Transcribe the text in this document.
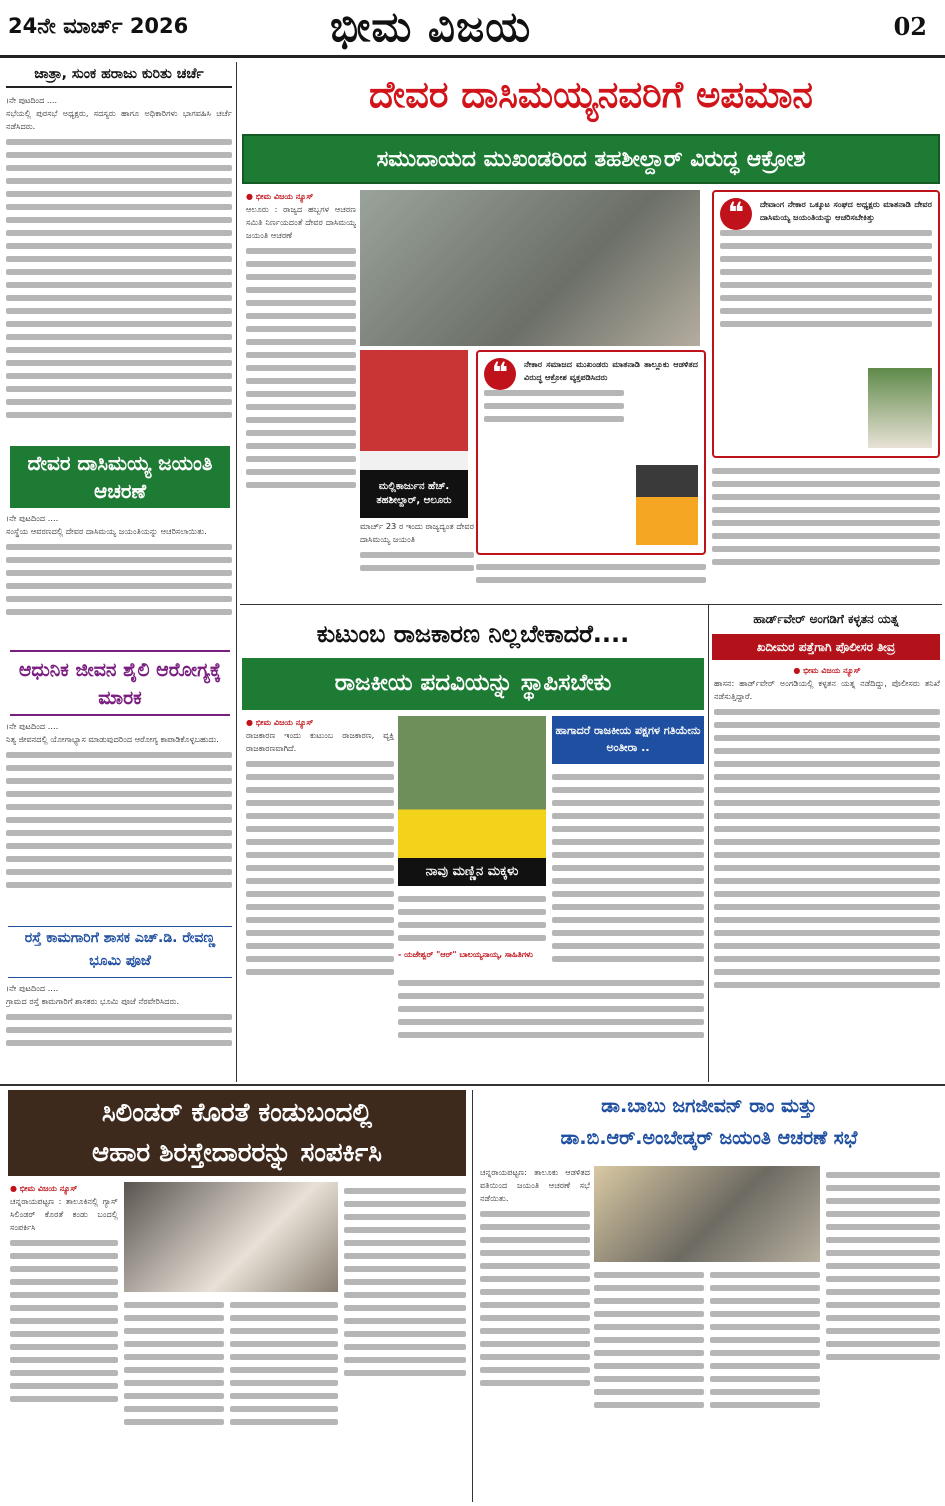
24ನೇ ಮಾರ್ಚ್ 2026	ಭೀಮ ವಿಜಯ	02
ಜಾತ್ರಾ, ಸುಂಕ ಹರಾಜು ಕುರಿತು ಚರ್ಚೆ
।ನೇ ಪುಟದಿಂದ ....
ಸಭೆಯಲ್ಲಿ ಪುರಸಭೆ ಅಧ್ಯಕ್ಷರು, ಸದಸ್ಯರು ಹಾಗೂ ಅಧಿಕಾರಿಗಳು ಭಾಗವಹಿಸಿ ಚರ್ಚೆ ನಡೆಸಿದರು.
ದೇವರ ದಾಸಿಮಯ್ಯ ಜಯಂತಿ ಆಚರಣೆ
।ನೇ ಪುಟದಿಂದ ....
ಸಂಸ್ಥೆಯ ಆವರಣದಲ್ಲಿ ದೇವರ ದಾಸಿಮಯ್ಯ ಜಯಂತಿಯನ್ನು ಆಚರಿಸಲಾಯಿತು.
ಆಧುನಿಕ ಜೀವನ ಶೈಲಿ ಆರೋಗ್ಯಕ್ಕೆ ಮಾರಕ
।ನೇ ಪುಟದಿಂದ ....
ನಿತ್ಯ ಜೀವನದಲ್ಲಿ ಯೋಗಾಭ್ಯಾಸ ಮಾಡುವುದರಿಂದ ಆರೋಗ್ಯ ಕಾಪಾಡಿಕೊಳ್ಳಬಹುದು.
ರಸ್ತೆ ಕಾಮಗಾರಿಗೆ ಶಾಸಕ ಎಚ್.ಡಿ. ರೇವಣ್ಣ ಭೂಮಿ ಪೂಜೆ
।ನೇ ಪುಟದಿಂದ ....
ಗ್ರಾಮದ ರಸ್ತೆ ಕಾಮಗಾರಿಗೆ ಶಾಸಕರು ಭೂಮಿ ಪೂಜೆ ನೆರವೇರಿಸಿದರು.
ದೇವರ ದಾಸಿಮಯ್ಯನವರಿಗೆ ಅಪಮಾನ
ಸಮುದಾಯದ ಮುಖಂಡರಿಂದ ತಹಶೀಲ್ದಾರ್ ವಿರುದ್ಧ ಆಕ್ರೋಶ
● ಭೀಮ ವಿಜಯ ನ್ಯೂಸ್
ಆಲೂರು : ರಾಜ್ಯದ ಹಬ್ಬಗಳ ಆಚರಣ ಸಮಿತಿ ನಿರ್ಣಯದಂತೆ ದೇವರ ದಾಸಿಮಯ್ಯ ಜಯಂತಿ ಆಚರಣೆ
ಮಲ್ಲಿಕಾರ್ಜುನ ಹೆಚ್. ತಹಶೀಲ್ದಾರ್, ಆಲೂರು
ಮಾರ್ಚ್ 23 ರ ಇಂದು ರಾಜ್ಯದ್ಯಂತ ದೇವರ ದಾಸಿಮಯ್ಯ ಜಯಂತಿ
❝	ನೇಕಾರ ಸಮಾಜದ ಮುಖಂಡರು ಮಾತನಾಡಿ ತಾಲ್ಲೂಕು ಆಡಳಿತದ ವಿರುದ್ಧ ಆಕ್ರೋಶ ವ್ಯಕ್ತಪಡಿಸಿದರು
❝	ದೇವಾಂಗ ನೇಕಾರ ಒಕ್ಕೂಟ ಸಂಘದ ಅಧ್ಯಕ್ಷರು ಮಾತನಾಡಿ ದೇವರ ದಾಸಿಮಯ್ಯ ಜಯಂತಿಯನ್ನು ಆಚರಿಸಬೇಕಿತ್ತು
ಕುಟುಂಬ ರಾಜಕಾರಣ ನಿಲ್ಲಬೇಕಾದರೆ....
ರಾಜಕೀಯ ಪದವಿಯನ್ನು ಸ್ಥಾಪಿಸಬೇಕು
● ಭೀಮ ವಿಜಯ ನ್ಯೂಸ್
ರಾಜಕಾರಣ ಇಂದು ಕುಟುಂಬ ರಾಜಕಾರಣ, ವ್ಯಕ್ತಿ ರಾಜಕಾರಣವಾಗಿದೆ.
ನಾವು ಮಣ್ಣಿನ ಮಕ್ಕಳು
- ಯಜೇಶ್ವರ್ "ಆರ್" ಬಾಲಯ್ಯನಾಯ್ಕ, ಸಾಹಿತಿಗಳು
ಹಾಗಾದರೆ ರಾಜಕೀಯ ಪಕ್ಷಗಳ ಗತಿಯೇನು ಅಂತೀರಾ ..
ಹಾರ್ಡ್‌ವೇರ್ ಅಂಗಡಿಗೆ ಕಳ್ಳತನ ಯತ್ನ
ಖದೀಮರ ಪತ್ತೆಗಾಗಿ ಪೊಲೀಸರ ತೀವ್ರ
● ಭೀಮ ವಿಜಯ ನ್ಯೂಸ್
ಹಾಸನ: ಹಾರ್ಡ್‌ವೇರ್ ಅಂಗಡಿಯಲ್ಲಿ ಕಳ್ಳತನ ಯತ್ನ ನಡೆದಿದ್ದು, ಪೊಲೀಸರು ತನಿಖೆ ನಡೆಸುತ್ತಿದ್ದಾರೆ.
ಸಿಲಿಂಡರ್ ಕೊರತೆ ಕಂಡುಬಂದಲ್ಲಿ
ಆಹಾರ ಶಿರಸ್ತೇದಾರರನ್ನು ಸಂಪರ್ಕಿಸಿ
● ಭೀಮ ವಿಜಯ ನ್ಯೂಸ್
ಚನ್ನರಾಯಪಟ್ಟಣ : ತಾಲೂಕಿನಲ್ಲಿ ಗ್ಯಾಸ್ ಸಿಲಿಂಡರ್ ಕೊರತೆ ಕಂಡು ಬಂದಲ್ಲಿ ಸಂಪರ್ಕಿಸಿ
ಡಾ.ಬಾಬು ಜಗಜೀವನ್ ರಾಂ ಮತ್ತು
ಡಾ.ಬಿ.ಆರ್.ಅಂಬೇಡ್ಕರ್ ಜಯಂತಿ ಆಚರಣೆ ಸಭೆ
ಚನ್ನರಾಯಪಟ್ಟಣ: ತಾಲೂಕು ಆಡಳಿತದ ವತಿಯಿಂದ ಜಯಂತಿ ಆಚರಣೆ ಸಭೆ ನಡೆಯಿತು.
